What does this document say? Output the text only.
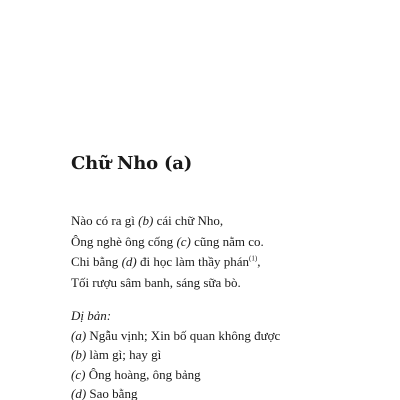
Chữ Nho (a)
Nào có ra gì (b) cái chữ Nho,
Ông nghè ông cống (c) cũng nằm co.
Chi bằng (d) đi học làm thầy phán$^{(1)}$,
Tối rượu sâm banh, sáng sữa bò.
Dị bản:
(a) Ngẫu vịnh; Xin bố quan không được
(b) làm gì; hay gì
(c) Ông hoàng, ông bảng
(d) Sao bằng
